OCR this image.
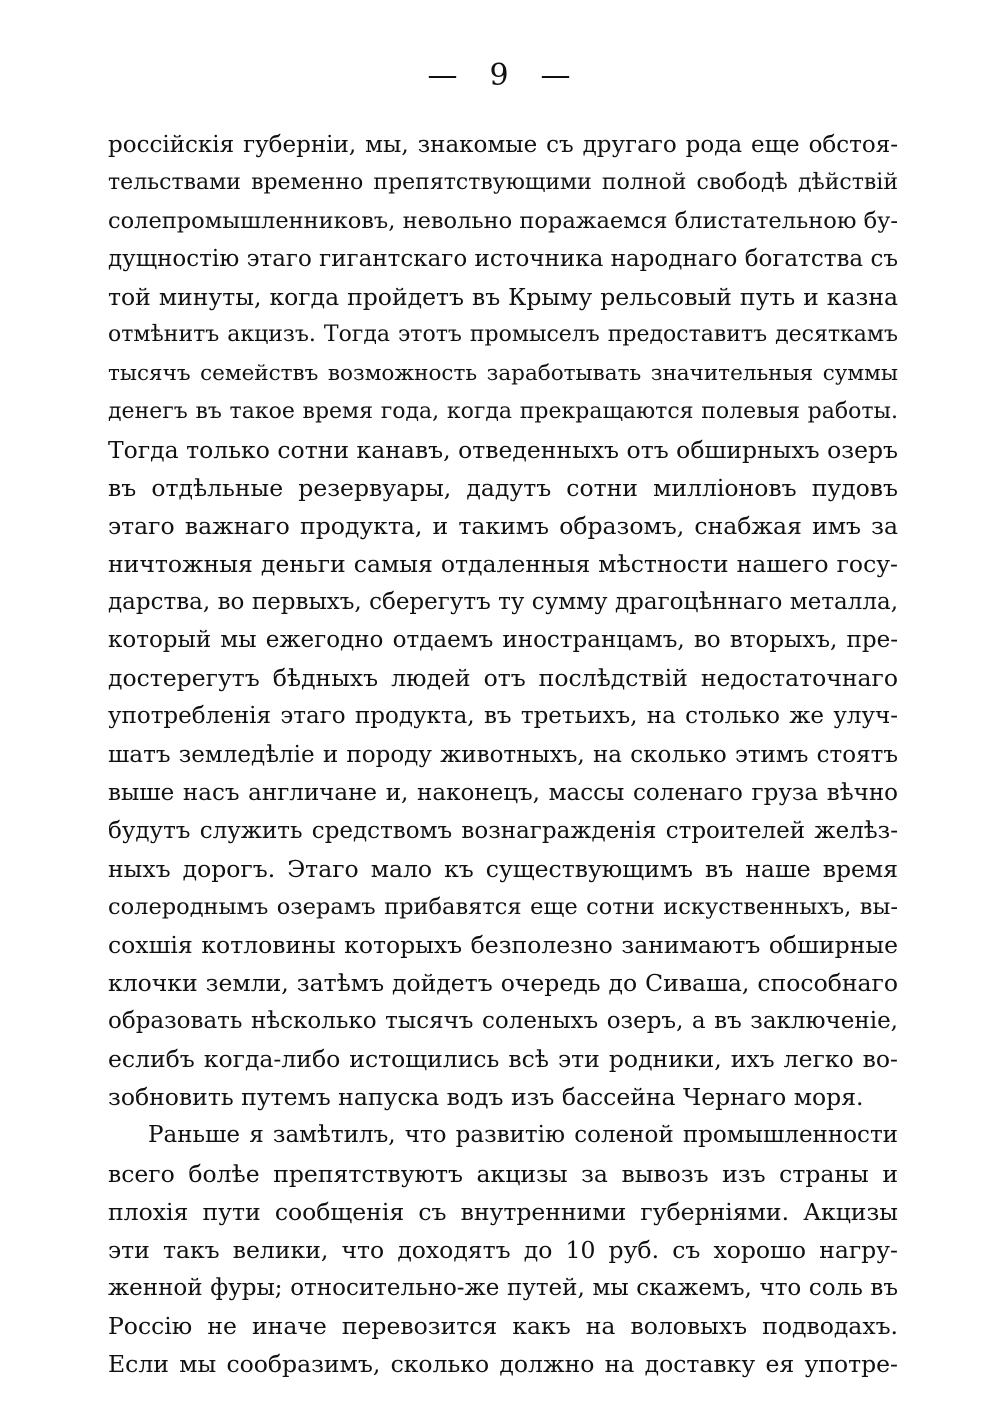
— 9 —
россійскія губерніи, мы, знакомые съ другаго рода еще обстоя-
тельствами временно препятствующими полной свободѣ дѣйствій
солепромышленниковъ, невольно поражаемся блистательною бу-
дущностію этаго гигантскаго источника народнаго богатства съ
той минуты, когда пройдетъ въ Крыму рельсовый путь и казна
отмѣнитъ акцизъ. Тогда этотъ промыселъ предоставитъ десяткамъ
тысячъ семействъ возможность заработывать значительныя суммы
денегъ въ такое время года, когда прекращаются полевыя работы.
Тогда только сотни канавъ, отведенныхъ отъ обширныхъ озеръ
въ отдѣльные резервуары, дадутъ сотни милліоновъ пудовъ
этаго важнаго продукта, и такимъ образомъ, снабжая имъ за
ничтожныя деньги самыя отдаленныя мѣстности нашего госу-
дарства, во первыхъ, сберегутъ ту сумму драгоцѣннаго металла,
который мы ежегодно отдаемъ иностранцамъ, во вторыхъ, пре-
достерегутъ бѣдныхъ людей отъ послѣдствій недостаточнаго
употребленія этаго продукта, въ третьихъ, на столько же улуч-
шатъ земледѣліе и породу животныхъ, на сколько этимъ стоятъ
выше насъ англичане и, наконецъ, массы соленаго груза вѣчно
будутъ служить средствомъ вознагражденія строителей желѣз-
ныхъ дорогъ. Этаго мало къ существующимъ въ наше время
солероднымъ озерамъ прибавятся еще сотни искуственныхъ, вы-
сохшія котловины которыхъ безполезно занимаютъ обширные
клочки земли, затѣмъ дойдетъ очередь до Сиваша, способнаго
образовать нѣсколько тысячъ соленыхъ озеръ, а въ заключеніе,
еслибъ когда-либо истощились всѣ эти родники, ихъ легко во-
зобновить путемъ напуска водъ изъ бассейна Чернаго моря.
Раньше я замѣтилъ, что развитію соленой промышленности
всего болѣе препятствуютъ акцизы за вывозъ изъ страны и
плохія пути сообщенія съ внутренними губерніями. Акцизы
эти такъ велики, что доходятъ до 10 руб. съ хорошо нагру-
женной фуры; относительно-же путей, мы скажемъ, что соль въ
Россію не иначе перевозится какъ на воловыхъ подводахъ.
Если мы сообразимъ, сколько должно на доставку ея употре-
